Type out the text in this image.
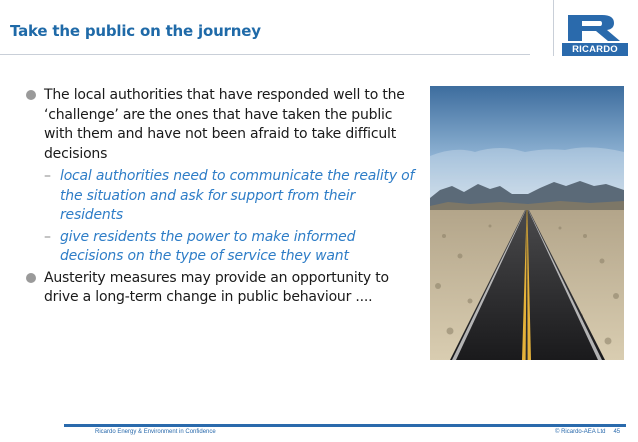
Take the public on the journey
RICARDO
The local authorities that have responded well to the ‘challenge’ are the ones that have taken the public with them and have not been afraid to take difficult decisions
– local authorities need to communicate the reality of the situation and ask for support from their residents
– give residents the power to make informed decisions on the type of service they want
Austerity measures may provide an opportunity to drive a long-term change in public behaviour ....
Ricardo Energy & Environment in Confidence	© Ricardo-AEA Ltd 45
